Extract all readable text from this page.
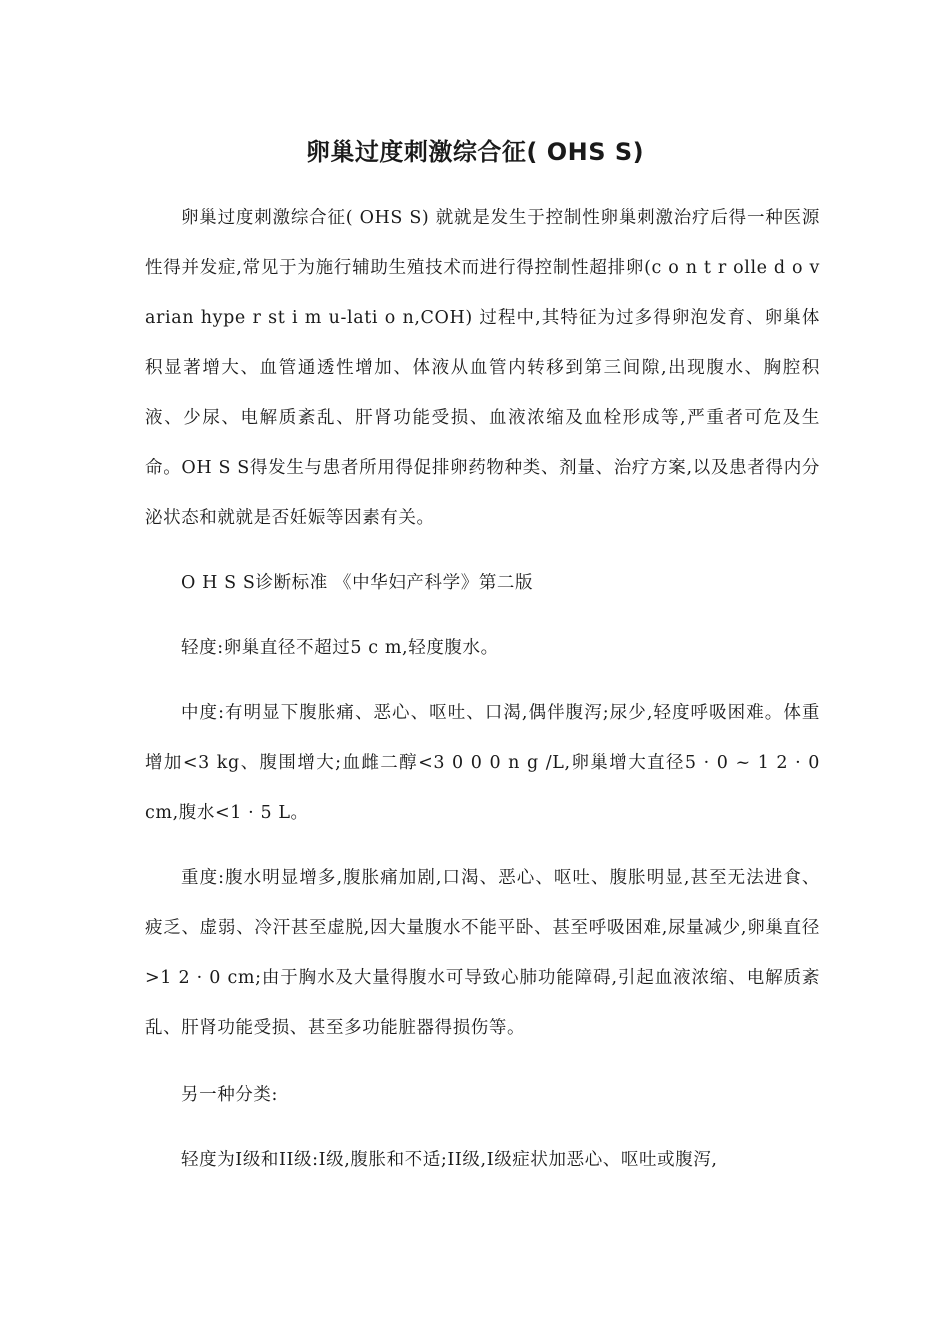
卵巢过度刺激综合征( OHS S)

卵巢过度刺激综合征( OHS S) 就就是发生于控制性卵巢刺激治疗后得一种医源性得并发症,常见于为施行辅助生殖技术而进行得控制性超排卵(c o n t r olle d o v arian hype r st i m u-lati o n,COH) 过程中,其特征为过多得卵泡发育、卵巢体积显著增大、血管通透性增加、体液从血管内转移到第三间隙,出现腹水、胸腔积液、少尿、电解质紊乱、肝肾功能受损、血液浓缩及血栓形成等,严重者可危及生命。OH S S得发生与患者所用得促排卵药物种类、剂量、治疗方案,以及患者得内分泌状态和就就是否妊娠等因素有关。

O H S S诊断标准 《中华妇产科学》第二版

轻度:卵巢直径不超过5 c m,轻度腹水。

中度:有明显下腹胀痛、恶心、呕吐、口渴,偶伴腹泻;尿少,轻度呼吸困难。体重增加<3 kg、腹围增大;血雌二醇<3 0 0 0 n g /L,卵巢增大直径5 · 0 ~ 1 2 · 0 cm,腹水<1 · 5 L。

重度:腹水明显增多,腹胀痛加剧,口渴、恶心、呕吐、腹胀明显,甚至无法进食、疲乏、虚弱、冷汗甚至虚脱,因大量腹水不能平卧、甚至呼吸困难,尿量减少,卵巢直径>1 2 · 0 cm;由于胸水及大量得腹水可导致心肺功能障碍,引起血液浓缩、电解质紊乱、肝肾功能受损、甚至多功能脏器得损伤等。

另一种分类:

轻度为Ⅰ级和ⅠⅠ级:Ⅰ级,腹胀和不适;ⅠⅠ级,Ⅰ级症状加恶心、呕吐或腹泻,
